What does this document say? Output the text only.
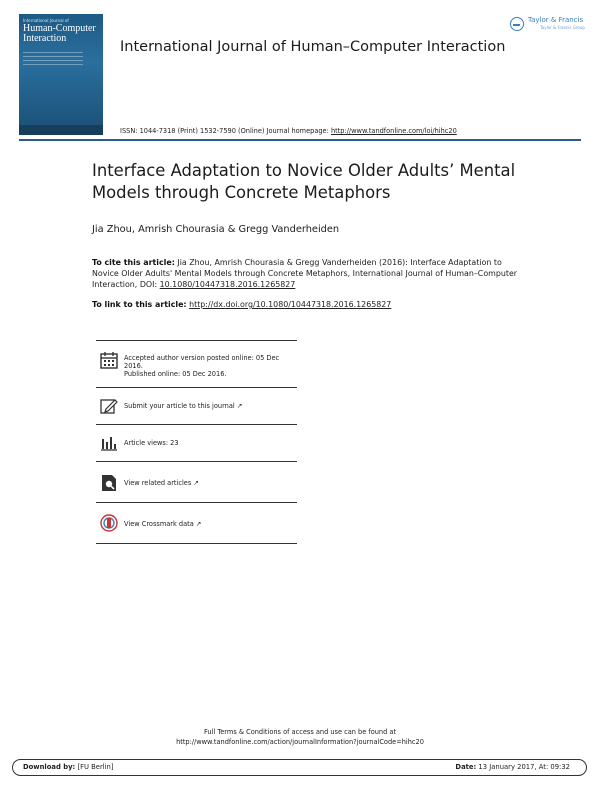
International Journal of
Human-Computer Interaction
International Journal of Human–Computer Interaction
Taylor & Francis
Taylor & Francis Group
ISSN: 1044-7318 (Print) 1532-7590 (Online) Journal homepage: http://www.tandfonline.com/loi/hihc20
Interface Adaptation to Novice Older Adults’ Mental Models through Concrete Metaphors
Jia Zhou, Amrish Chourasia & Gregg Vanderheiden
To cite this article: Jia Zhou, Amrish Chourasia & Gregg Vanderheiden (2016): Interface Adaptation to Novice Older Adults' Mental Models through Concrete Metaphors, International Journal of Human–Computer Interaction, DOI: 10.1080/10447318.2016.1265827
To link to this article: http://dx.doi.org/10.1080/10447318.2016.1265827
Accepted author version posted online: 05 Dec 2016.
Published online: 05 Dec 2016.
Submit your article to this journal ↗
Article views: 23
View related articles ↗
View Crossmark data ↗
Full Terms & Conditions of access and use can be found at
http://www.tandfonline.com/action/journalInformation?journalCode=hihc20
Download by: [FU Berlin]	Date: 13 January 2017, At: 09:32
